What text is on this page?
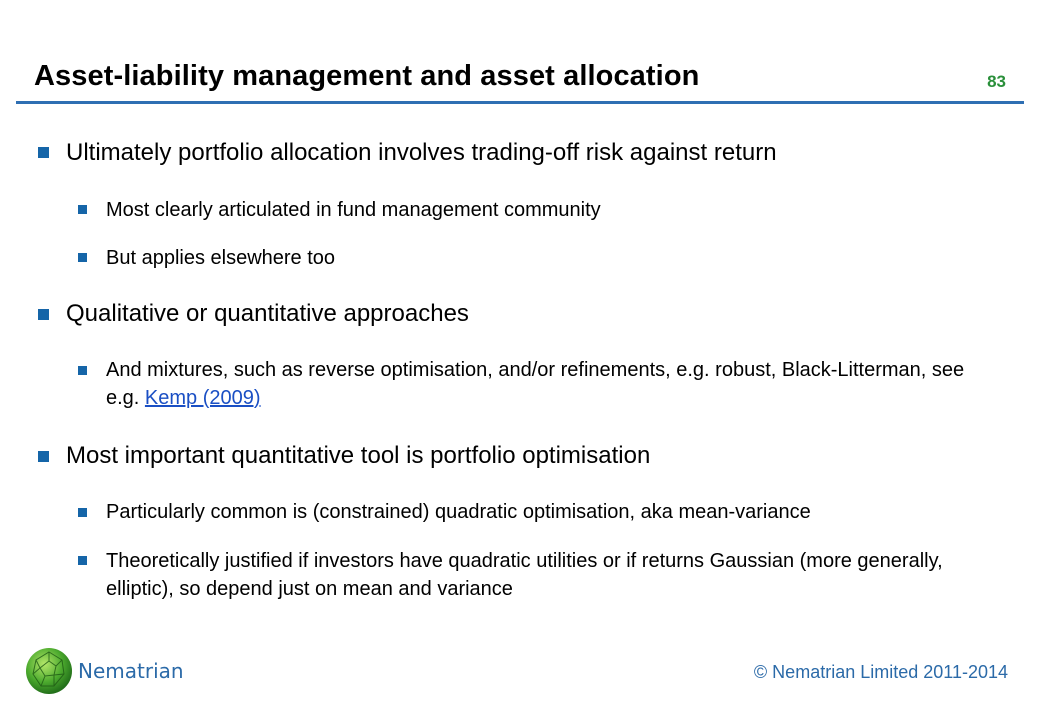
Asset-liability management and asset allocation	83
Ultimately portfolio allocation involves trading-off risk against return
Most clearly articulated in fund management community
But applies elsewhere too
Qualitative or quantitative approaches
And mixtures, such as reverse optimisation, and/or refinements, e.g. robust, Black-Litterman, see e.g. Kemp (2009)
Most important quantitative tool is portfolio optimisation
Particularly common is (constrained) quadratic optimisation, aka mean-variance
Theoretically justified if investors have quadratic utilities or if returns Gaussian (more generally, elliptic), so depend just on mean and variance
Nematrian	© Nematrian Limited 2011-2014
